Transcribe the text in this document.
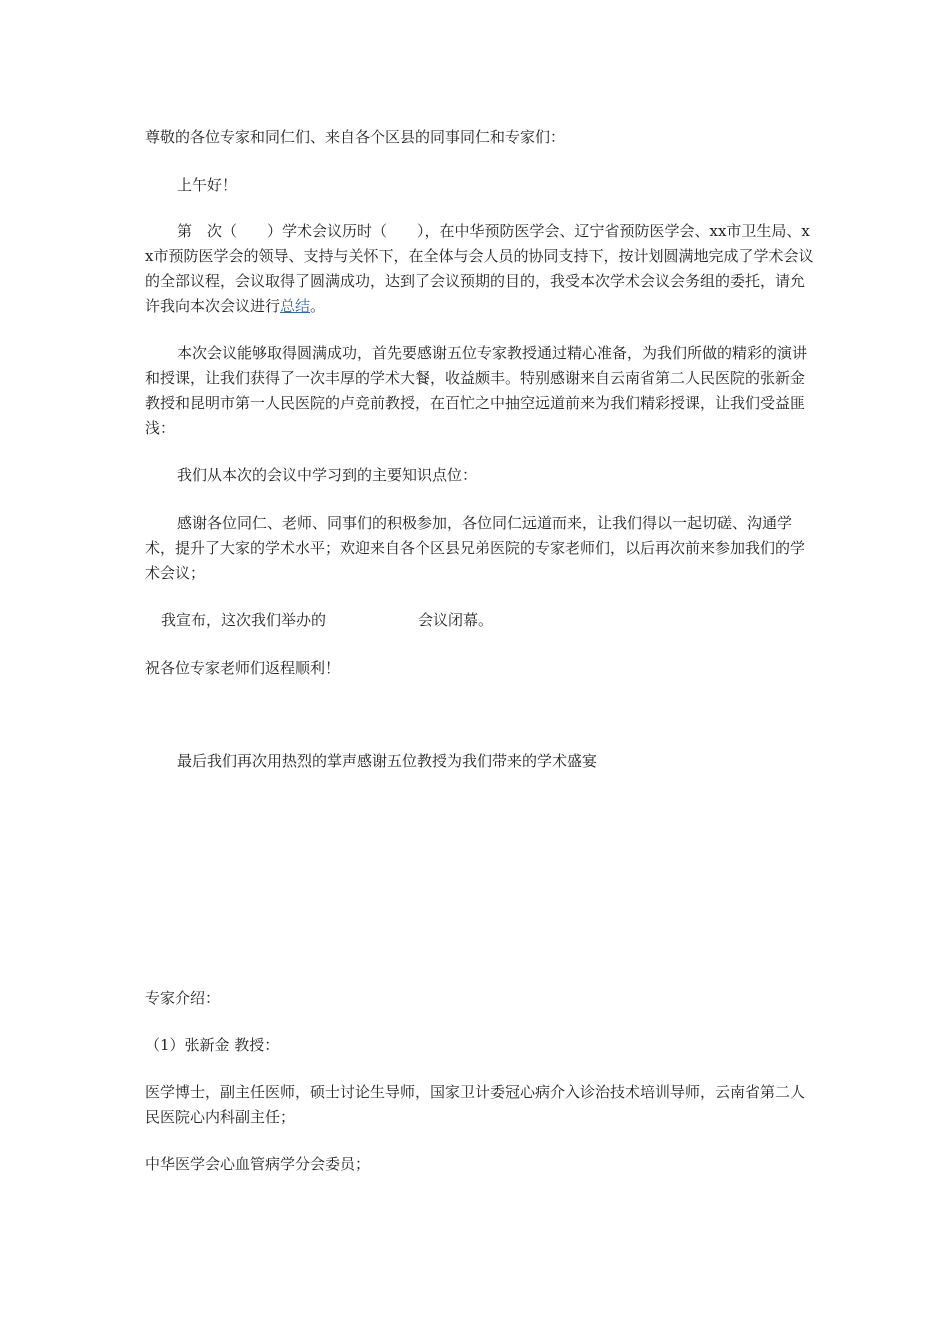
尊敬的各位专家和同仁们、来自各个区县的同事同仁和专家们：

上午好！

第　次（　　）学术会议历时（　　），在中华预防医学会、辽宁省预防医学会、xx市卫生局、xx市预防医学会的领导、支持与关怀下，在全体与会人员的协同支持下，按计划圆满地完成了学术会议的全部议程，会议取得了圆满成功，达到了会议预期的目的，我受本次学术会议会务组的委托，请允许我向本次会议进行总结。

本次会议能够取得圆满成功，首先要感谢五位专家教授通过精心准备，为我们所做的精彩的演讲和授课，让我们获得了一次丰厚的学术大餐，收益颇丰。特别感谢来自云南省第二人民医院的张新金教授和昆明市第一人民医院的卢竞前教授，在百忙之中抽空远道前来为我们精彩授课，让我们受益匪浅：

我们从本次的会议中学习到的主要知识点位：

感谢各位同仁、老师、同事们的积极参加，各位同仁远道而来，让我们得以一起切磋、沟通学术，提升了大家的学术水平；欢迎来自各个区县兄弟医院的专家老师们，以后再次前来参加我们的学术会议；

我宣布，这次我们举办的	会议闭幕。

祝各位专家老师们返程顺利！

最后我们再次用热烈的掌声感谢五位教授为我们带来的学术盛宴

专家介绍：

（1）张新金 教授：

医学博士，副主任医师，硕士讨论生导师，国家卫计委冠心病介入诊治技术培训导师，云南省第二人民医院心内科副主任；

中华医学会心血管病学分会委员；
